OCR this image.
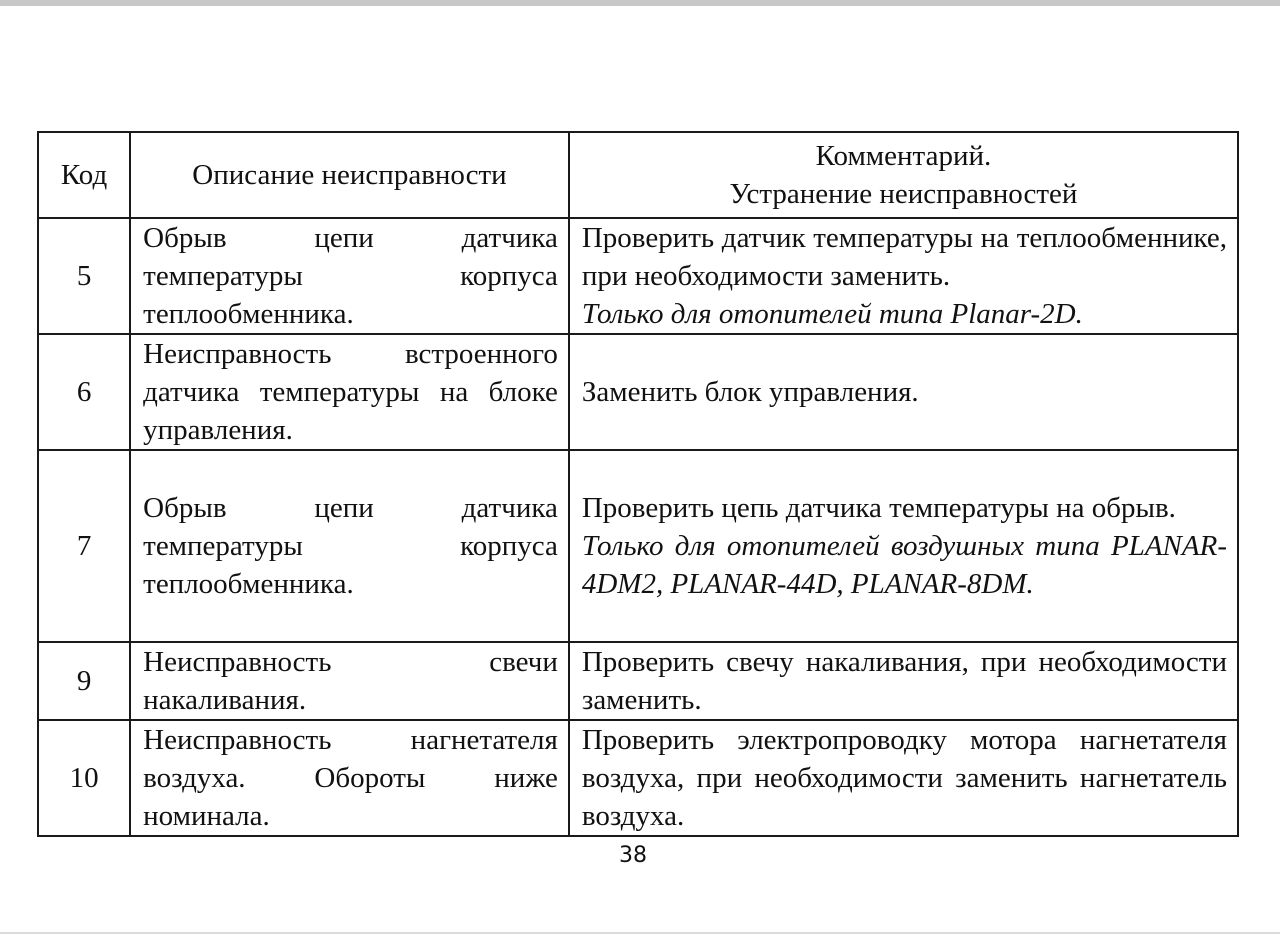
Код	Описание неисправности	Комментарий.
Устранение неисправностей

5	Обрыв цепи датчика температуры корпуса теплообменника.	Проверить датчик температуры на теплообменнике, при необходимости заменить.
Только для отопителей типа Planar-2D.

6	Неисправность встроенного датчика температуры на блоке управления.	Заменить блок управления.

7	Обрыв цепи датчика температуры корпуса теплообменника.	Проверить цепь датчика температуры на обрыв.
Только для отопителей воздушных типа PLANAR-4DM2, PLANAR-44D, PLANAR-8DM.

9	Неисправность свечи накаливания.	Проверить свечу накаливания, при необходимости заменить.

10	Неисправность нагнетателя воздуха. Обороты ниже номинала.	Проверить электропроводку мотора нагнетателя воздуха, при необходимости заменить нагнетатель воздуха.
38
